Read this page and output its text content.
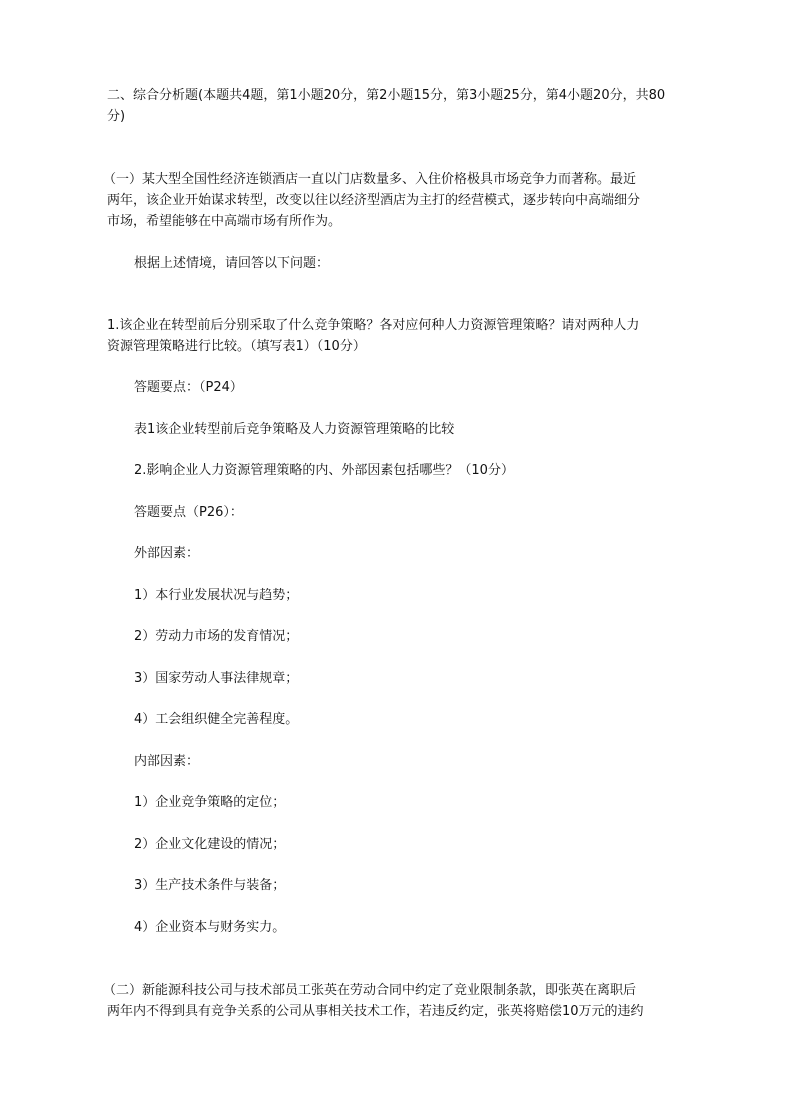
二、综合分析题(本题共4题，第1小题20分，第2小题15分，第3小题25分，第4小题20分，共80
分)
（一）某大型全国性经济连锁酒店一直以门店数量多、入住价格极具市场竞争力而著称。最近
两年，该企业开始谋求转型，改变以往以经济型酒店为主打的经营模式，逐步转向中高端细分
市场，希望能够在中高端市场有所作为。
根据上述情境，请回答以下问题：
1.该企业在转型前后分别采取了什么竞争策略？各对应何种人力资源管理策略？请对两种人力
资源管理策略进行比较。（填写表1）（10分）
答题要点：（P24）
表1该企业转型前后竞争策略及人力资源管理策略的比较
2.影响企业人力资源管理策略的内、外部因素包括哪些？（10分）
答题要点（P26）：
外部因素：
1）本行业发展状况与趋势；
2）劳动力市场的发育情况；
3）国家劳动人事法律规章；
4）工会组织健全完善程度。
内部因素：
1）企业竞争策略的定位；
2）企业文化建设的情况；
3）生产技术条件与装备；
4）企业资本与财务实力。
（二）新能源科技公司与技术部员工张英在劳动合同中约定了竞业限制条款，即张英在离职后
两年内不得到具有竞争关系的公司从事相关技术工作，若违反约定，张英将赔偿10万元的违约
